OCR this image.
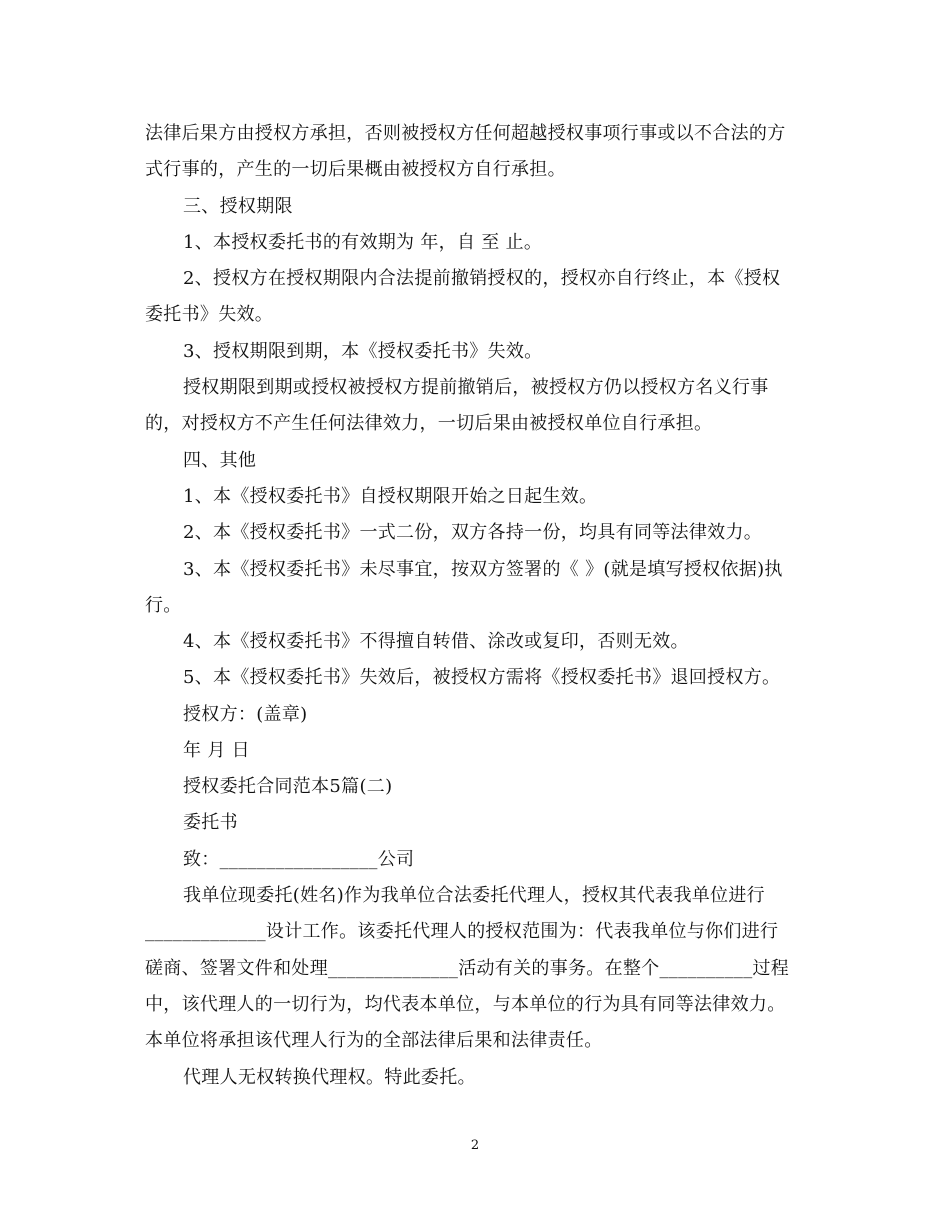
法律后果方由授权方承担，否则被授权方任何超越授权事项行事或以不合法的方
式行事的，产生的一切后果概由被授权方自行承担。
三、授权期限
1、本授权委托书的有效期为 年，自 至 止。
2、授权方在授权期限内合法提前撤销授权的，授权亦自行终止，本《授权
委托书》失效。
3、授权期限到期，本《授权委托书》失效。
授权期限到期或授权被授权方提前撤销后，被授权方仍以授权方名义行事
的，对授权方不产生任何法律效力，一切后果由被授权单位自行承担。
四、其他
1、本《授权委托书》自授权期限开始之日起生效。
2、本《授权委托书》一式二份，双方各持一份，均具有同等法律效力。
3、本《授权委托书》未尽事宜，按双方签署的《 》(就是填写授权依据)执
行。
4、本《授权委托书》不得擅自转借、涂改或复印，否则无效。
5、本《授权委托书》失效后，被授权方需将《授权委托书》退回授权方。
授权方：(盖章)
年 月 日
授权委托合同范本5篇(二)
委托书
致：_________________公司
我单位现委托(姓名)作为我单位合法委托代理人，授权其代表我单位进行
_____________设计工作。该委托代理人的授权范围为：代表我单位与你们进行
磋商、签署文件和处理______________活动有关的事务。在整个__________过程
中，该代理人的一切行为，均代表本单位，与本单位的行为具有同等法律效力。
本单位将承担该代理人行为的全部法律后果和法律责任。
代理人无权转换代理权。特此委托。
2
